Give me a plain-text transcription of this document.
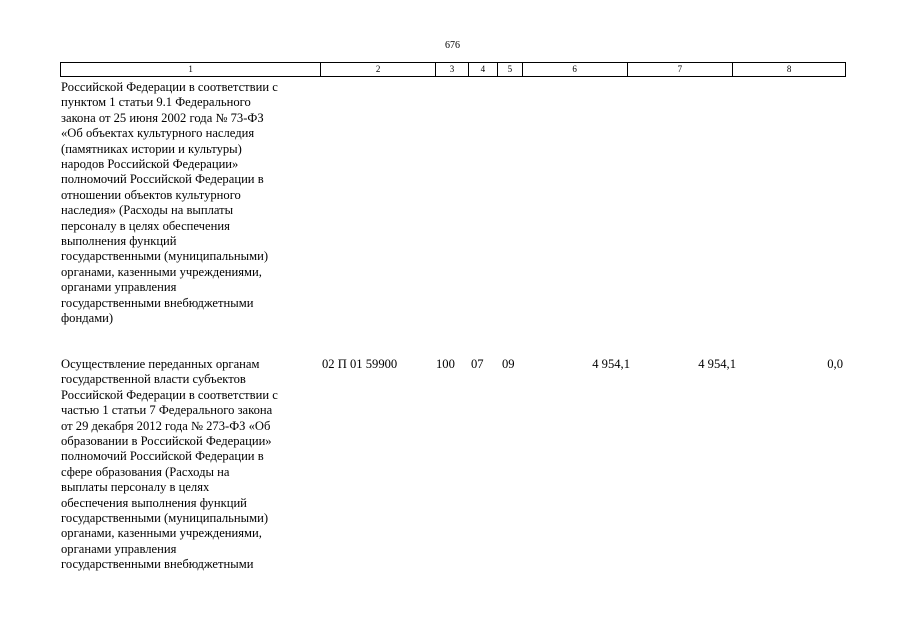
676
1	2	3	4	5	6	7	8
Российской Федерации в соответствии с
пунктом 1 статьи 9.1 Федерального
закона от 25 июня 2002 года № 73-ФЗ
«Об объектах культурного наследия
(памятниках истории и культуры)
народов Российской Федерации»
полномочий Российской Федерации в
отношении объектов культурного
наследия» (Расходы на выплаты
персоналу в целях обеспечения
выполнения функций
государственными (муниципальными)
органами, казенными учреждениями,
органами управления
государственными внебюджетными
фондами)
Осуществление переданных органам
государственной власти субъектов
Российской Федерации в соответствии с
частью 1 статьи 7 Федерального закона
от 29 декабря 2012 года № 273-ФЗ «Об
образовании в Российской Федерации»
полномочий Российской Федерации в
сфере образования (Расходы на
выплаты персоналу в целях
обеспечения выполнения функций
государственными (муниципальными)
органами, казенными учреждениями,
органами управления
государственными внебюджетными
02 П 01 59900	100 07 09	4 954,1	4 954,1	0,0
